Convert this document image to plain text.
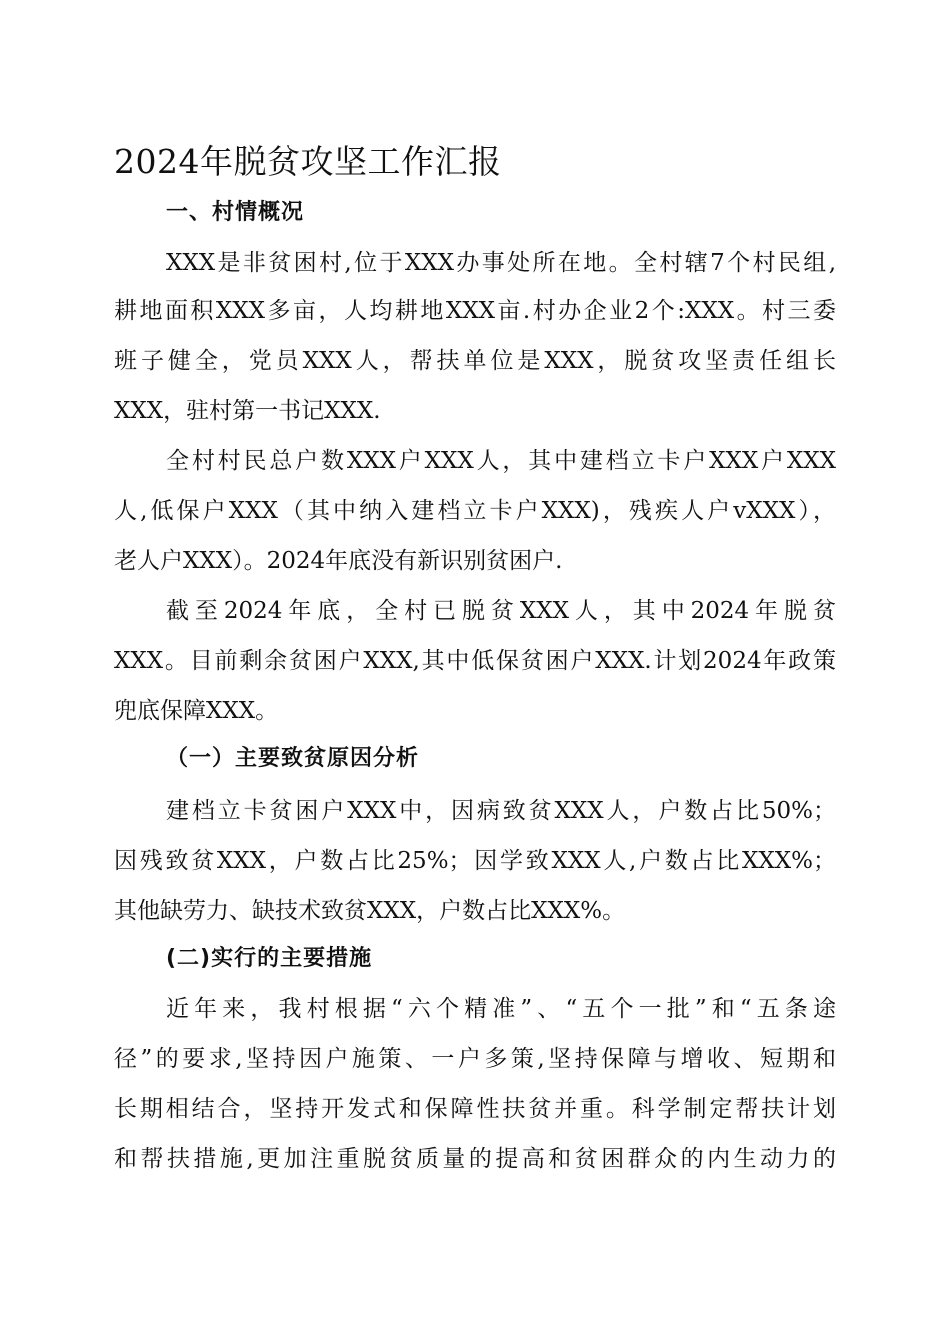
2024年脱贫攻坚工作汇报
一、村情概况
XXX是非贫困村,位于XXX办事处所在地。全村辖7个村民组,
耕地面积XXX多亩，人均耕地XXX亩.村办企业2个:XXX。村三委
班子健全，党员XXX人，帮扶单位是XXX，脱贫攻坚责任组长
XXX，驻村第一书记XXX.
全村村民总户数XXX户XXX人，其中建档立卡户XXX户XXX
人,低保户XXX（其中纳入建档立卡户XXX)，残疾人户vXXX），
老人户XXX）。2024年底没有新识别贫困户.
截至2024年底，全村已脱贫XXX人，其中2024年脱贫
XXX。目前剩余贫困户XXX,其中低保贫困户XXX.计划2024年政策
兜底保障XXX。
（一）主要致贫原因分析
建档立卡贫困户XXX中，因病致贫XXX人，户数占比50%；
因残致贫XXX，户数占比25%；因学致XXX人,户数占比XXX%；
其他缺劳力、缺技术致贫XXX，户数占比XXX%。
(二)实行的主要措施
近年来，我村根据“六个精准”、“五个一批”和“五条途
径”的要求,坚持因户施策、一户多策,坚持保障与增收、短期和
长期相结合，坚持开发式和保障性扶贫并重。科学制定帮扶计划
和帮扶措施,更加注重脱贫质量的提高和贫困群众的内生动力的
